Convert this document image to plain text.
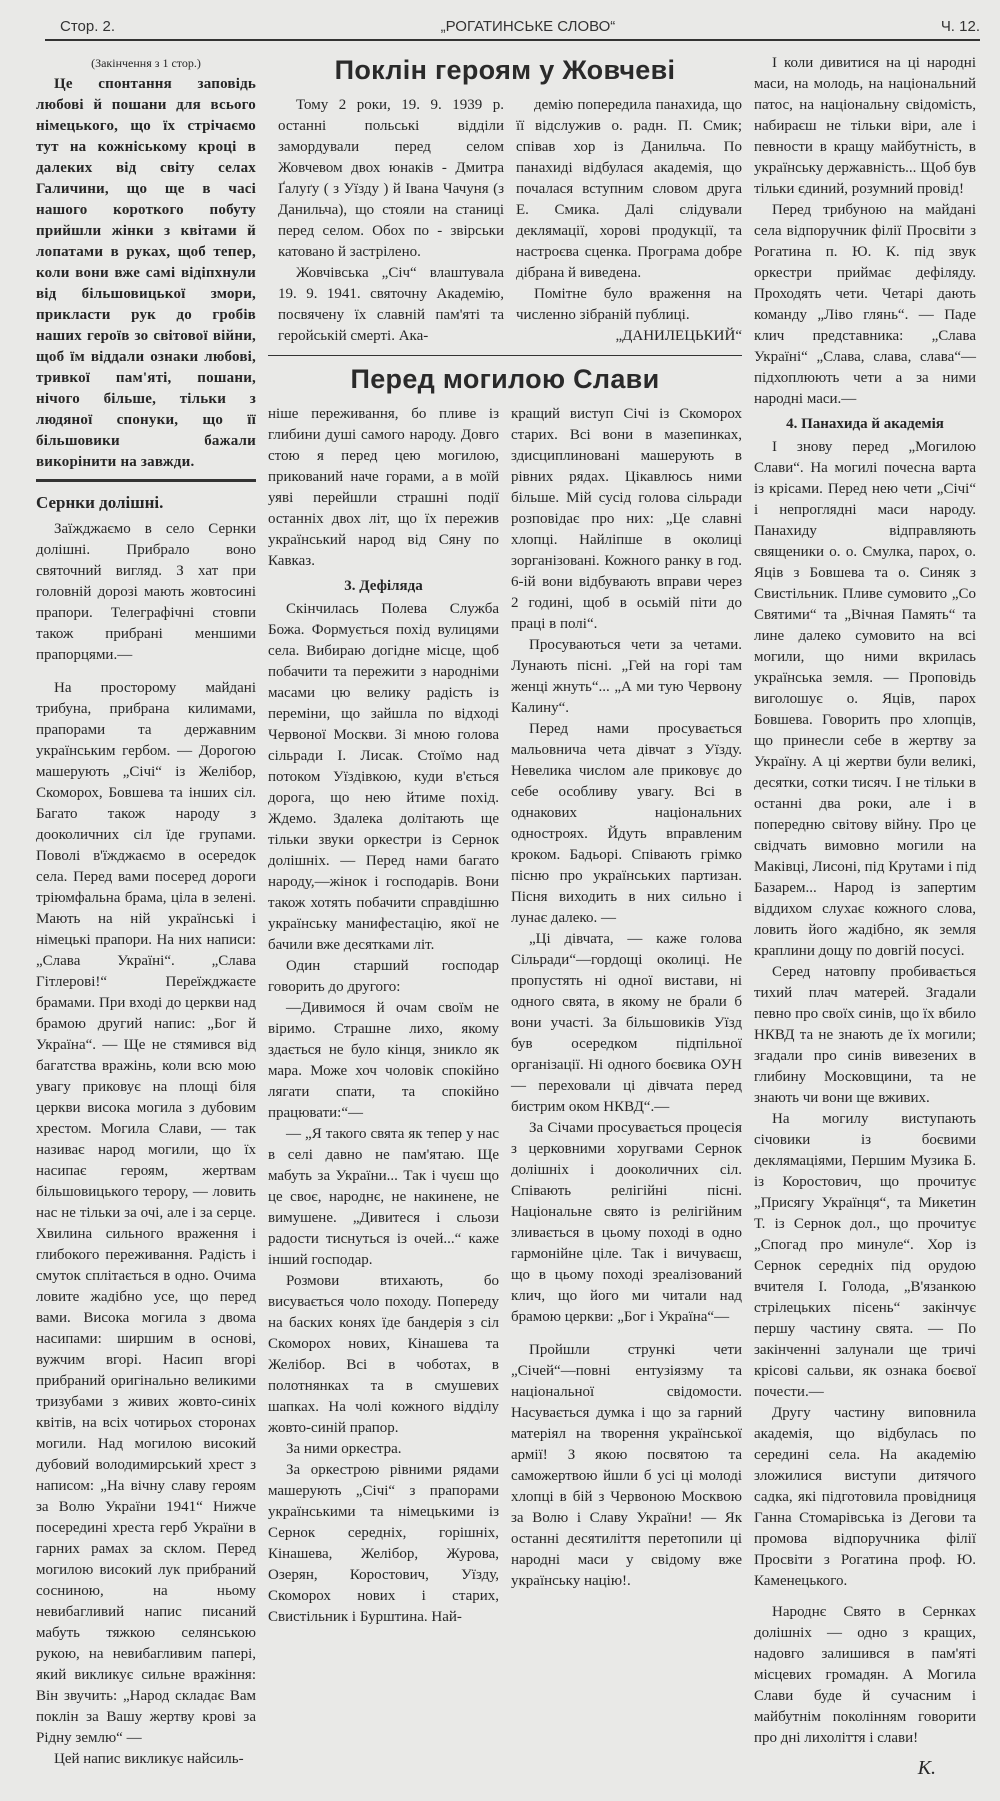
Стор. 2.	„РОГАТИНСЬКЕ СЛОВО“	Ч. 12.

(Закінчення з 1 стор.)

Це спонтання заповідь любові й пошани для всього німецького, що їх стрічаємо тут на кожніському кроці в далеких від світу селах Галичини, що ще в часі нашого короткого побуту прийшли жінки з квітами й лопатами в руках, щоб тепер, коли вони вже самі відіпхнули від більшовицької змори, прикласти рук до гробів наших героїв зо світової війни, щоб їм віддали ознаки любові, тривкої пам'яті, пошани, нічого більше, тільки з людяної спонуки, що її більшовики бажали викорінити на завжди.

Сернки долішні.

Заїжджаємо в село Сернки долішні. Прибрало воно святочний вигляд. З хат при головній дорозі мають жовтосині прапори. Телеграфічні стовпи також прибрані меншими прапорцями.—

На просторому майдані трибуна, прибрана килимами, прапорами та державним українським гербом. — Дорогою машерують „Січі“ із Желібор, Скоморох, Бовшева та інших сіл. Багато також народу з дооколичних сіл їде групами. Поволі в'їжджаємо в осередок села. Перед вами посеред дороги тріюмфальна брама, ціла в зелені. Мають на ній українські і німецькі прапори. На них написи: „Слава Україні“. „Слава Гітлерові!“ Переїжджаєте брамами. При вході до церкви над брамою другий напис: „Бог й Україна“. — Ще не стямився від багатства вражінь, коли всю мою увагу приковує на площі біля церкви висока могила з дубовим хрестом. Могила Слави, — так називає народ могили, що їх насипає героям, жертвам більшовицького терору, — ловить нас не тільки за очі, але і за серце. Хвилина сильного враження і глибокого переживання. Радість і смуток сплітається в одно. Очима ловите жадібно усе, що перед вами. Висока могила з двома насипами: ширшим в основі, вужчим вгорі. Насип вгорі прибраний оригінально великими тризубами з живих жовто-синіх квітів, на всіх чотирьох сторонах могили. Над могилою високий дубовий володимирський хрест з написом: „На вічну славу героям за Волю України 1941“ Нижче посередині хреста герб України в гарних рамах за склом. Перед могилою високий лук прибраний сосниною, на ньому невибагливий напис писаний мабуть тяжкою селянською рукою, на невибагливим папері, який викликує сильне вражіння: Він звучить: „Народ складає Вам поклін за Вашу жертву крові за Рідну землю“ —

Цей напис викликує найсиль-

Поклін героям у Жовчеві

Тому 2 роки, 19. 9. 1939 р. останні польські відділи замордували перед селом Жовчевом двох юнаків - Дмитра Ґалуґу ( з Уїзду ) й Івана Чачуня (з Данильча), що стояли на станиці перед селом. Обох по - звірськи катовано й застрілено.

Жовчівська „Січ“ влаштувала 19. 9. 1941. святочну Академію, посвячену їх славній пам'яті та геройській смерті. Ака-

демію попередила панахида, що її відслужив о. радн. П. Смик; співав хор із Данильча. По панахиді відбулася академія, що почалася вступним словом друга Е. Смика. Далі слідували деклямації, хорові продукції, та настроєва сценка. Програма добре дібрана й виведена.

Помітне було враження на численно зібраній публиці.

„ДАНИЛЕЦЬКИЙ“

Перед могилою Слави

ніше переживання, бо пливе із глибини душі самого народу. Довго стою я перед цею могилою, прикований наче горами, а в моїй уяві перейшли страшні події останніх двох літ, що їх пережив український народ від Сяну по Кавказ.

3. Дефіляда

Скінчилась Полева Служба Божа. Формується похід вулицями села. Вибираю догідне місце, щоб побачити та пережити з народніми масами цю велику радість із переміни, що зайшла по відході Червоної Москви. Зі мною голова сільради І. Лисак. Стоїмо над потоком Уїздівкою, куди в'ється дорога, що нею йтиме похід. Ждемо. Здалека долітають ще тільки звуки оркестри із Сернок долішніх. — Перед нами багато народу,—жінок і господарів. Вони також хотять побачити справдішню українську манифестацію, якої не бачили вже десятками літ.

Один старший господар говорить до другого:

—Дивимося й очам своїм не віримо. Страшне лихо, якому здається не було кінця, зникло як мара. Може хоч чоловік спокійно лягати спати, та спокійно працювати:“—

— „Я такого свята як тепер у нас в селі давно не пам'ятаю. Ще мабуть за України... Так і чуєш що це своє, народнє, не накинене, не вимушене. „Дивитеся і сльози радости тиснуться із очей...“ каже інший господар.

Розмови втихають, бо висувається чоло походу. Попереду на баских конях їде бандерія з сіл Скоморох нових, Кінашева та Желібор. Всі в чоботах, в полотнянках та в смушевих шапках. На чолі кожного відділу жовто-синій прапор.

За ними оркестра.

За оркестрою рівними рядами машерують „Січі“ з прапорами українськими та німецькими із Сернок середніх, горішніх, Кінашева, Желібор, Журова, Озерян, Коростович, Уїзду, Скоморох нових і старих, Свистільник і Бурштина. Най-

кращий виступ Січі із Скоморох старих. Всі вони в мазепинках, здисциплиновані машерують в рівних рядах. Цікавлюсь ними більше. Мій сусід голова сільради розповідає про них: „Це славні хлопці. Найліпше в околиці зорганізовані. Кожного ранку в год. 6-ій вони відбувають вправи через 2 годині, щоб в осьмій піти до праці в полі“.

Просуваються чети за четами. Лунають пісні. „Гей на горі там женці жнуть“... „А ми тую Червону Калину“.

Перед нами просувається мальовнича чета дівчат з Уїзду. Невелика числом але приковує до себе особливу увагу. Всі в однакових національних одностроях. Йдуть вправленим кроком. Бадьорі. Співають грімко пісню про українських партизан. Пісня виходить в них сильно і лунає далеко. —

„Ці дівчата, — каже голова Сільради“—гордощі околиці. Не пропустять ні одної вистави, ні одного свята, в якому не брали б вони участі. За більшовиків Уїзд був осередком підпільної організації. Ні одного боєвика ОУН — переховали ці дівчата перед бистрим оком НКВД“.—

За Січами просувається процесія з церковними хоругвами Сернок долішніх і дооколичних сіл. Співають релігійні пісні. Національне свято із релігійним зливається в цьому поході в одно гармонійне ціле. Так і вичуваєш, що в цьому поході зреалізований клич, що його ми читали над брамою церкви: „Бог і Україна“—

Пройшли стрункі чети „Січей“—повні ентузіязму та національної свідомости. Насувається думка і що за гарний матеріял на творення української армії! З якою посвятою та саможертвою йшли б усі ці молоді хлопці в бій з Червоною Москвою за Волю і Славу України! — Як останні десятиліття перетопили ці народні маси у свідому вже українську націю!.

І коли дивитися на ці народні маси, на молодь, на національний патос, на національну свідомість, набираєш не тільки віри, але і певности в кращу майбутність, в українську державність... Щоб був тільки єдиний, розумний провід!

Перед трибуною на майдані села відпоручник філії Просвіти з Рогатина п. Ю. К. під звук оркестри приймає дефіляду. Проходять чети. Четарі дають команду „Ліво глянь“. — Паде клич представника: „Слава Україні“ „Слава, слава, слава“— підхоплюють чети а за ними народні маси.—

4. Панахида й академія

І знову перед „Могилою Слави“. На могилі почесна варта із крісами. Перед нею чети „Січі“ і непроглядні маси народу. Панахиду відправляють священики о. о. Смулка, парох, о. Яців з Бовшева та о. Синяк з Свистільник. Пливе сумовито „Со Святими“ та „Вічная Память“ та лине далеко сумовито на всі могили, що ними вкрилась українська земля. — Проповідь виголошує о. Яців, парох Бовшева. Говорить про хлопців, що принесли себе в жертву за Україну. А ці жертви були великі, десятки, сотки тисяч. І не тільки в останні два роки, але і в попередню світову війну. Про це свідчать вимовно могили на Маківці, Лисоні, під Крутами і під Базарем... Народ із запертим віддихом слухає кожного слова, ловить його жадібно, як земля краплини дощу по довгій посусі.

Серед натовпу пробивається тихий плач матерей. Згадали певно про своїх синів, що їх вбило НКВД та не знають де їх могили; згадали про синів вивезених в глибину Московщини, та не знають чи вони ще вживих.

На могилу виступають січовики із боєвими деклямаціями, Першим Музика Б. із Коростович, що прочитує „Присягу Українця“, та Микетин Т. із Сернок дол., що прочитує „Спогад про минуле“. Хор із Сернок середніх під орудою вчителя І. Голода, „В'язанкою стрілецьких пісень“ закінчує першу частину свята. — По закінченні залунали ще тричі крісові сальви, як ознака боєвої почести.—

Другу частину виповнила академія, що відбулась по середині села. На академію зложилися виступи дитячого садка, які підготовила провідниця Ганна Стомарівська із Дегови та промова відпоручника філії Просвіти з Рогатина проф. Ю. Каменецького.

Народнє Свято в Сернках долішніх — одно з кращих, надовго залишився в пам'яті місцевих громадян. А Могила Слави буде й сучасним і майбутнім поколінням говорити про дні лихоліття і слави!

К.
